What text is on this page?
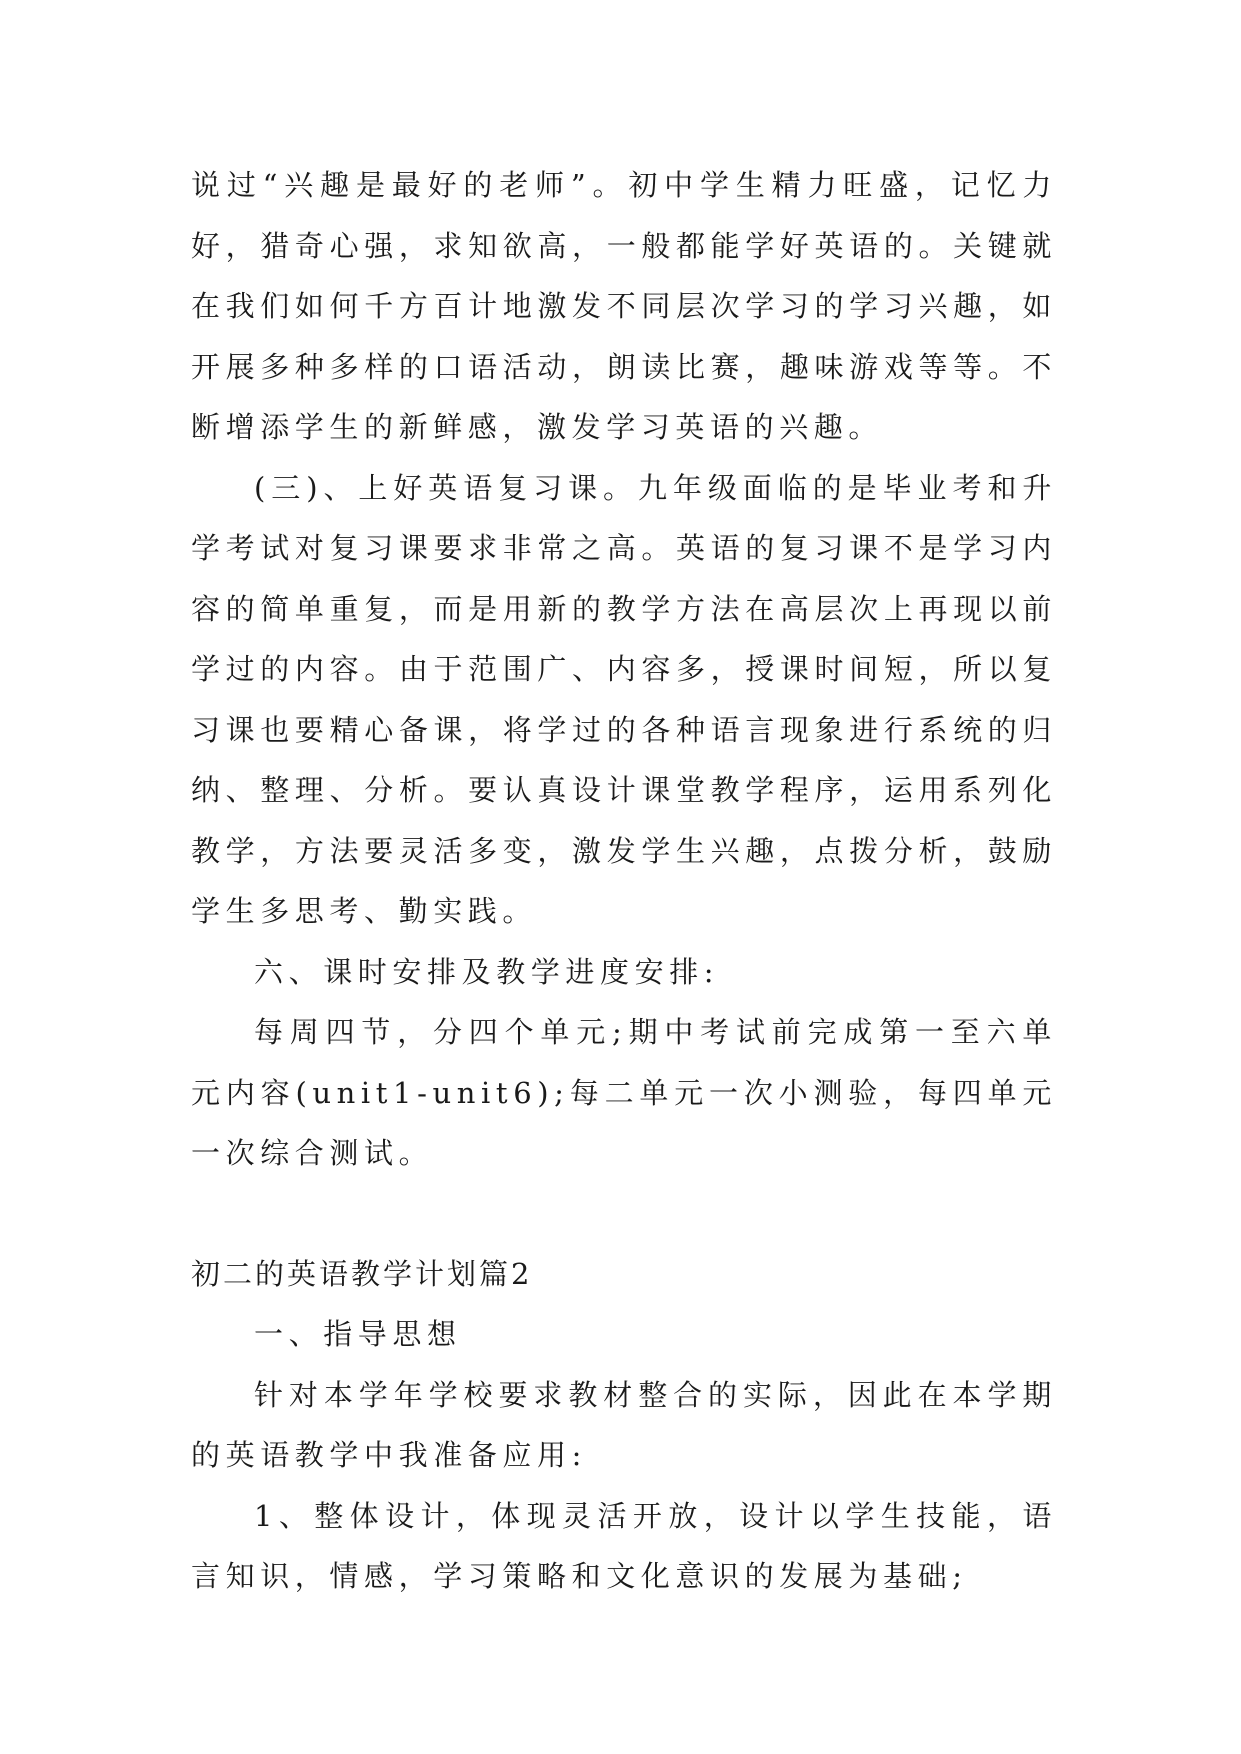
说过“兴趣是最好的老师”。初中学生精力旺盛，记忆力好，猎奇心强，求知欲高，一般都能学好英语的。关键就在我们如何千方百计地激发不同层次学习的学习兴趣，如开展多种多样的口语活动，朗读比赛，趣味游戏等等。不断增添学生的新鲜感，激发学习英语的兴趣。

(三)、上好英语复习课。九年级面临的是毕业考和升学考试对复习课要求非常之高。英语的复习课不是学习内容的简单重复，而是用新的教学方法在高层次上再现以前学过的内容。由于范围广、内容多，授课时间短，所以复习课也要精心备课，将学过的各种语言现象进行系统的归纳、整理、分析。要认真设计课堂教学程序，运用系列化教学，方法要灵活多变，激发学生兴趣，点拨分析，鼓励学生多思考、勤实践。

六、课时安排及教学进度安排:

每周四节，分四个单元;期中考试前完成第一至六单元内容(unit1-unit6);每二单元一次小测验，每四单元一次综合测试。

初二的英语教学计划篇2

一、指导思想

针对本学年学校要求教材整合的实际，因此在本学期的英语教学中我准备应用:

1、整体设计，体现灵活开放，设计以学生技能，语言知识，情感，学习策略和文化意识的发展为基础;
